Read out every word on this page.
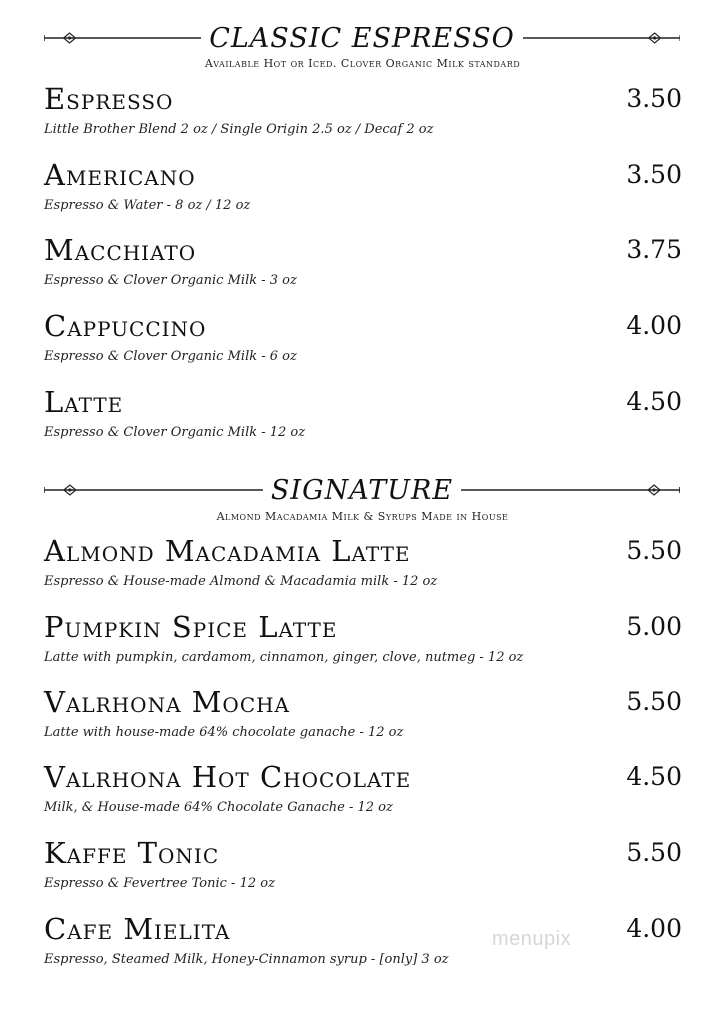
CLASSIC ESPRESSO
Available Hot or Iced. Clover Organic Milk standard
Espresso	3.50
Little Brother Blend 2 oz / Single Origin 2.5 oz / Decaf 2 oz
Americano	3.50
Espresso & Water - 8 oz / 12 oz
Macchiato	3.75
Espresso & Clover Organic Milk - 3 oz
Cappuccino	4.00
Espresso & Clover Organic Milk - 6 oz
Latte	4.50
Espresso & Clover Organic Milk - 12 oz
SIGNATURE
Almond Macadamia Milk & Syrups Made in House
Almond Macadamia Latte	5.50
Espresso & House-made Almond & Macadamia milk - 12 oz
Pumpkin Spice Latte	5.00
Latte with pumpkin, cardamom, cinnamon, ginger, clove, nutmeg - 12 oz
Valrhona Mocha	5.50
Latte with house-made 64% chocolate ganache - 12 oz
Valrhona Hot Chocolate	4.50
Milk, & House-made 64% Chocolate Ganache - 12 oz
Kaffe Tonic	5.50
Espresso & Fevertree Tonic - 12 oz
Cafe Mielita	4.00
Espresso, Steamed Milk, Honey-Cinnamon syrup - [only] 3 oz
menupix
